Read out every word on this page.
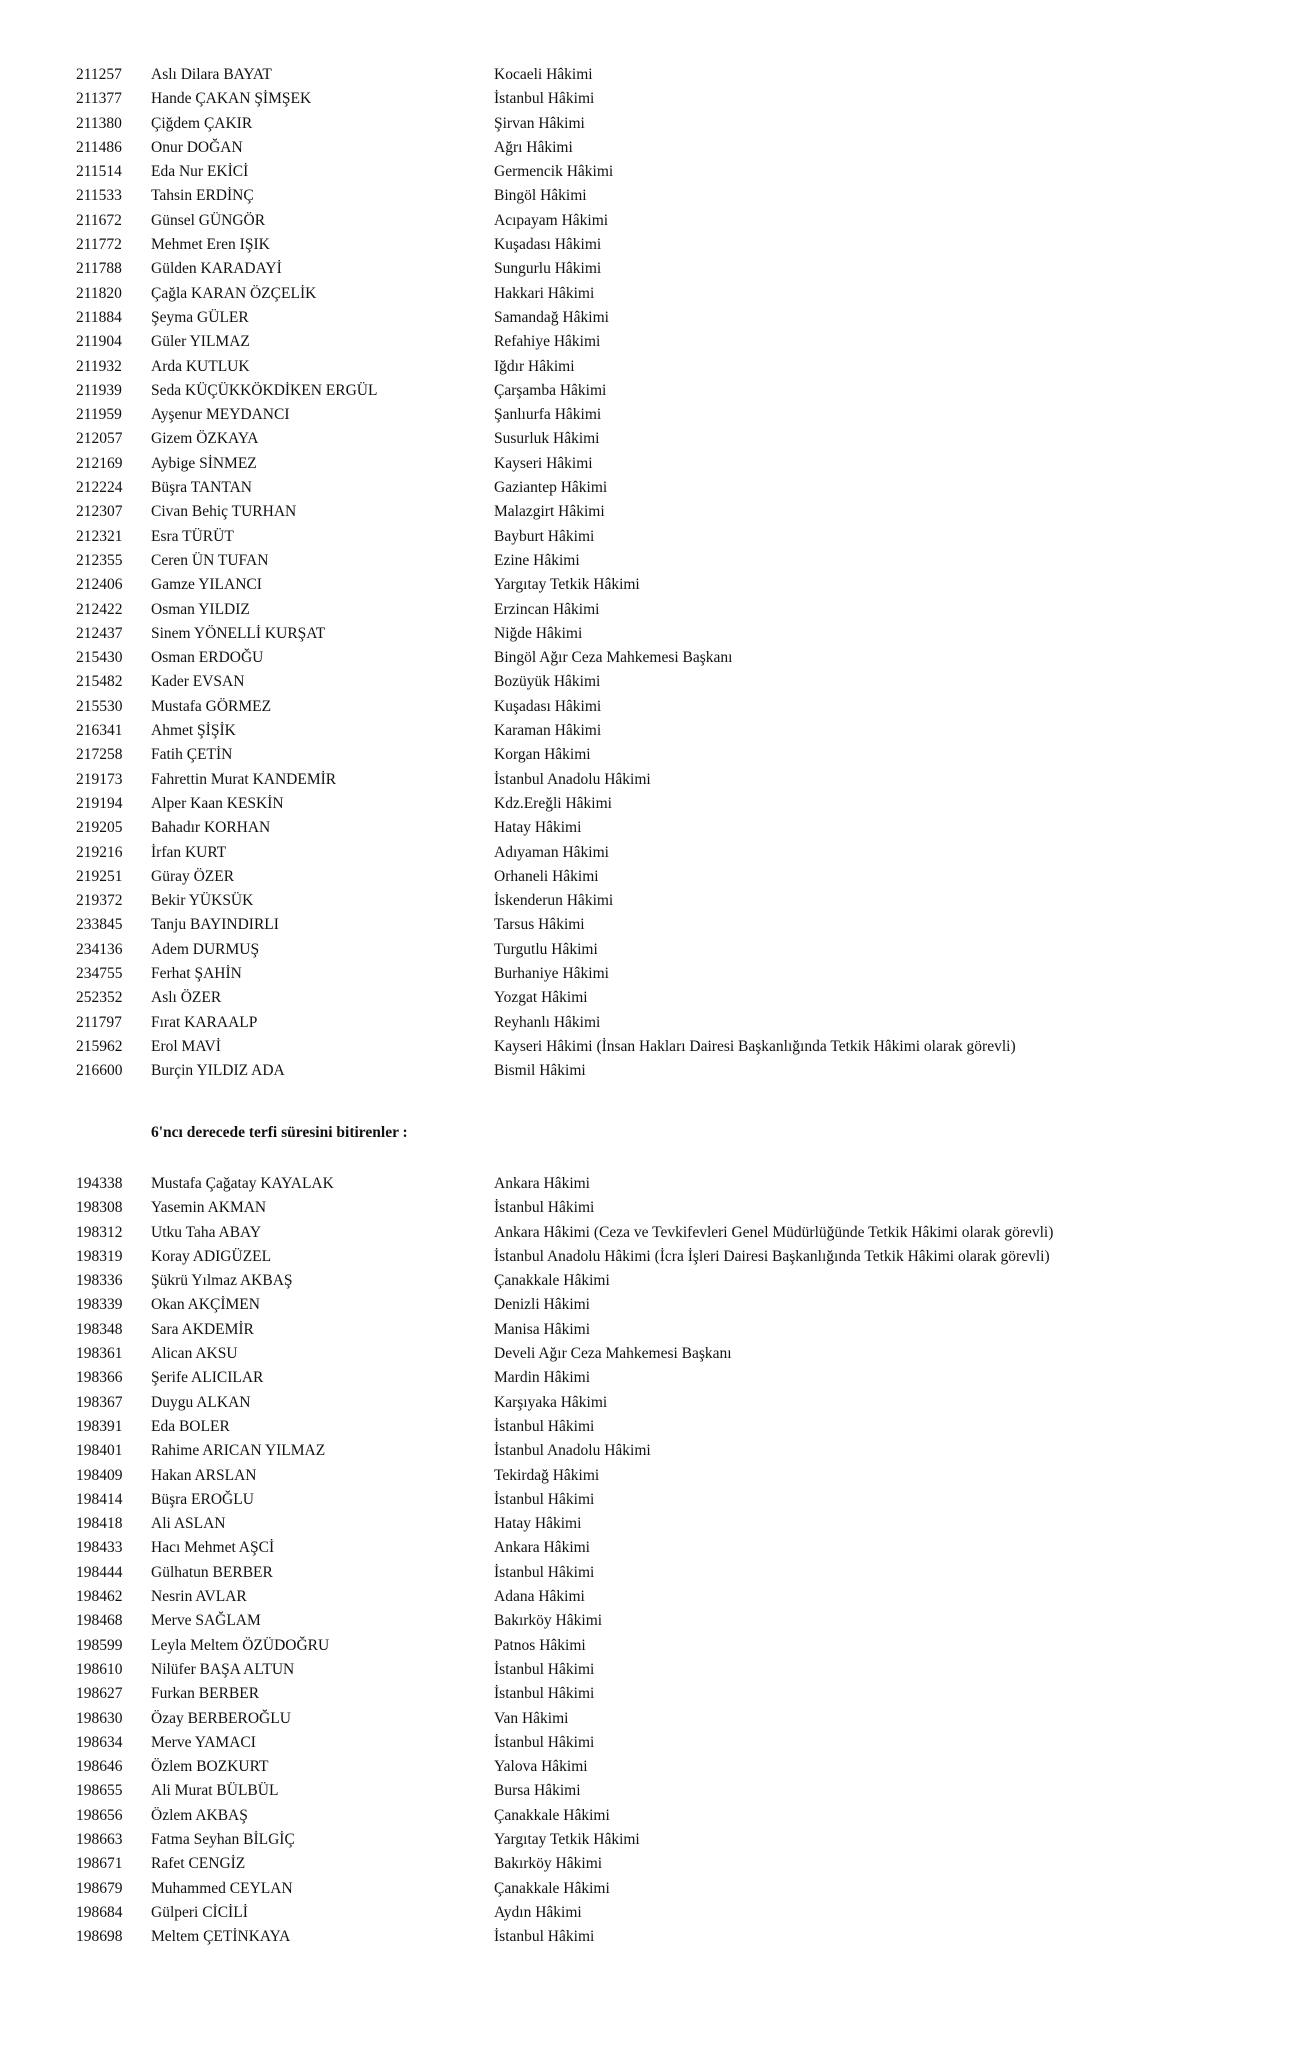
211257	Aslı Dilara BAYAT	Kocaeli Hâkimi
211377	Hande ÇAKAN ŞİMŞEK	İstanbul Hâkimi
211380	Çiğdem ÇAKIR	Şirvan Hâkimi
211486	Onur DOĞAN	Ağrı Hâkimi
211514	Eda Nur EKİCİ	Germencik Hâkimi
211533	Tahsin ERDİNÇ	Bingöl Hâkimi
211672	Günsel GÜNGÖR	Acıpayam Hâkimi
211772	Mehmet Eren IŞIK	Kuşadası Hâkimi
211788	Gülden KARADAYİ	Sungurlu Hâkimi
211820	Çağla KARAN ÖZÇELİK	Hakkari Hâkimi
211884	Şeyma GÜLER	Samandağ Hâkimi
211904	Güler YILMAZ	Refahiye Hâkimi
211932	Arda KUTLUK	Iğdır Hâkimi
211939	Seda KÜÇÜKKÖKDİKEN ERGÜL	Çarşamba Hâkimi
211959	Ayşenur MEYDANCI	Şanlıurfa Hâkimi
212057	Gizem ÖZKAYA	Susurluk Hâkimi
212169	Aybige SİNMEZ	Kayseri Hâkimi
212224	Büşra TANTAN	Gaziantep Hâkimi
212307	Civan Behiç TURHAN	Malazgirt Hâkimi
212321	Esra TÜRÜT	Bayburt Hâkimi
212355	Ceren ÜN TUFAN	Ezine Hâkimi
212406	Gamze YILANCI	Yargıtay Tetkik Hâkimi
212422	Osman YILDIZ	Erzincan Hâkimi
212437	Sinem YÖNELLİ KURŞAT	Niğde Hâkimi
215430	Osman ERDOĞU	Bingöl Ağır Ceza Mahkemesi Başkanı
215482	Kader EVSAN	Bozüyük Hâkimi
215530	Mustafa GÖRMEZ	Kuşadası Hâkimi
216341	Ahmet ŞİŞİK	Karaman Hâkimi
217258	Fatih ÇETİN	Korgan Hâkimi
219173	Fahrettin Murat KANDEMİR	İstanbul Anadolu Hâkimi
219194	Alper Kaan KESKİN	Kdz.Ereğli Hâkimi
219205	Bahadır KORHAN	Hatay Hâkimi
219216	İrfan KURT	Adıyaman Hâkimi
219251	Güray ÖZER	Orhaneli Hâkimi
219372	Bekir YÜKSÜK	İskenderun Hâkimi
233845	Tanju BAYINDIRLI	Tarsus Hâkimi
234136	Adem DURMUŞ	Turgutlu Hâkimi
234755	Ferhat ŞAHİN	Burhaniye Hâkimi
252352	Aslı ÖZER	Yozgat Hâkimi
211797	Fırat KARAALP	Reyhanlı Hâkimi
215962	Erol MAVİ	Kayseri Hâkimi (İnsan Hakları Dairesi Başkanlığında Tetkik Hâkimi olarak görevli)
216600	Burçin YILDIZ ADA	Bismil Hâkimi
6'ncı derecede terfi süresini bitirenler :
194338	Mustafa Çağatay KAYALAK	Ankara Hâkimi
198308	Yasemin AKMAN	İstanbul Hâkimi
198312	Utku Taha ABAY	Ankara Hâkimi (Ceza ve Tevkifevleri Genel Müdürlüğünde Tetkik Hâkimi olarak görevli)
198319	Koray ADIGÜZEL	İstanbul Anadolu Hâkimi (İcra İşleri Dairesi Başkanlığında Tetkik Hâkimi olarak görevli)
198336	Şükrü Yılmaz AKBAŞ	Çanakkale Hâkimi
198339	Okan AKÇİMEN	Denizli Hâkimi
198348	Sara AKDEMİR	Manisa Hâkimi
198361	Alican AKSU	Develi Ağır Ceza Mahkemesi Başkanı
198366	Şerife ALICILAR	Mardin Hâkimi
198367	Duygu ALKAN	Karşıyaka Hâkimi
198391	Eda BOLER	İstanbul Hâkimi
198401	Rahime ARICAN YILMAZ	İstanbul Anadolu Hâkimi
198409	Hakan ARSLAN	Tekirdağ Hâkimi
198414	Büşra EROĞLU	İstanbul Hâkimi
198418	Ali ASLAN	Hatay Hâkimi
198433	Hacı Mehmet AŞCİ	Ankara Hâkimi
198444	Gülhatun BERBER	İstanbul Hâkimi
198462	Nesrin AVLAR	Adana Hâkimi
198468	Merve SAĞLAM	Bakırköy Hâkimi
198599	Leyla Meltem ÖZÜDOĞRU	Patnos Hâkimi
198610	Nilüfer BAŞA ALTUN	İstanbul Hâkimi
198627	Furkan BERBER	İstanbul Hâkimi
198630	Özay BERBEROĞLU	Van Hâkimi
198634	Merve YAMACI	İstanbul Hâkimi
198646	Özlem BOZKURT	Yalova Hâkimi
198655	Ali Murat BÜLBÜL	Bursa Hâkimi
198656	Özlem AKBAŞ	Çanakkale Hâkimi
198663	Fatma Seyhan BİLGİÇ	Yargıtay Tetkik Hâkimi
198671	Rafet CENGİZ	Bakırköy Hâkimi
198679	Muhammed CEYLAN	Çanakkale Hâkimi
198684	Gülperi CİCİLİ	Aydın Hâkimi
198698	Meltem ÇETİNKAYA	İstanbul Hâkimi
